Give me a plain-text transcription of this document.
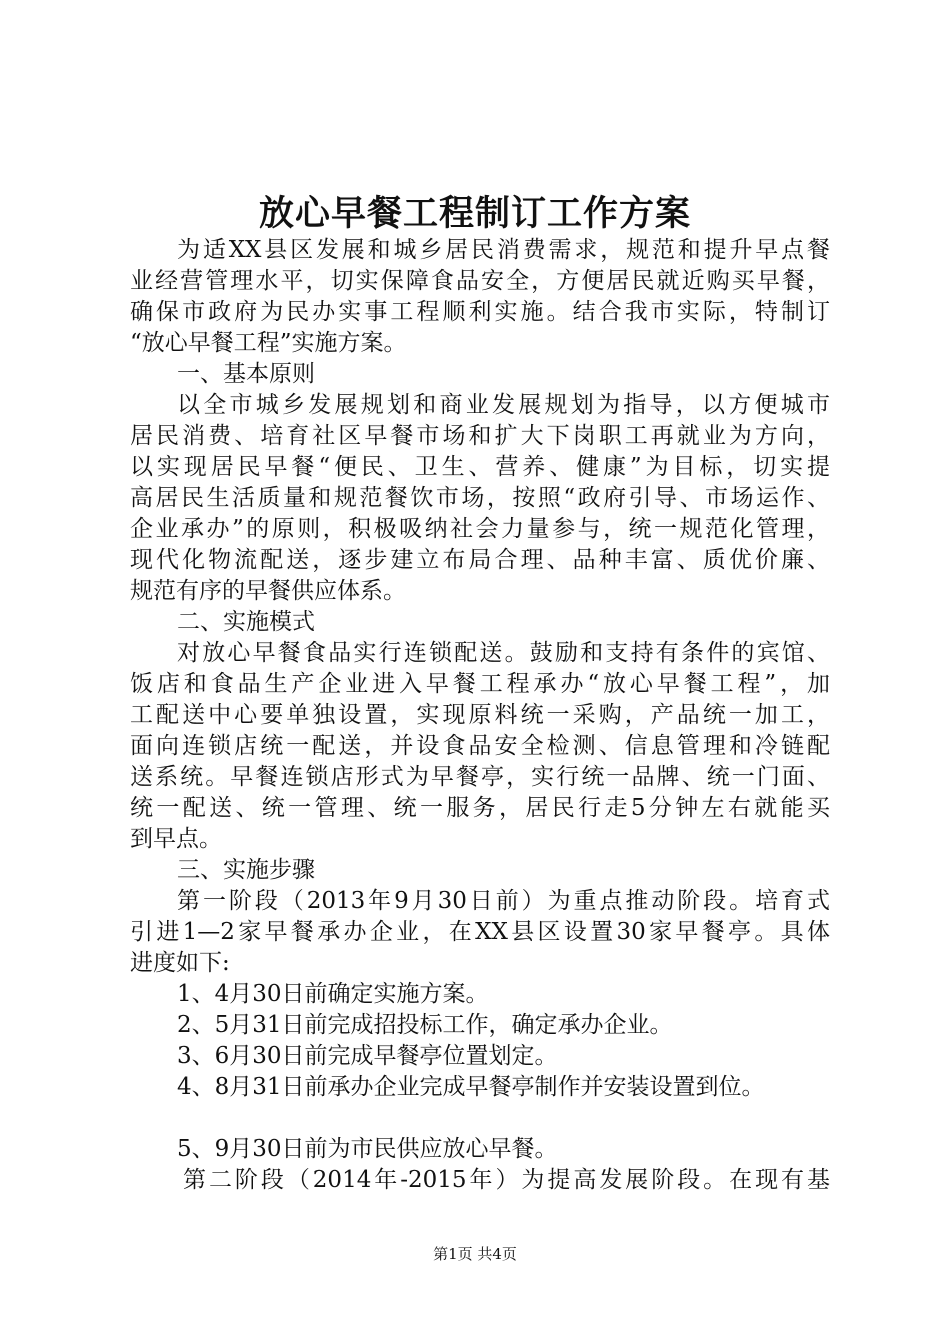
放心早餐工程制订工作方案
为适XX县区发展和城乡居民消费需求，规范和提升早点餐
业经营管理水平，切实保障食品安全，方便居民就近购买早餐，
确保市政府为民办实事工程顺利实施。结合我市实际，特制订
“放心早餐工程”实施方案。
一、基本原则
以全市城乡发展规划和商业发展规划为指导，以方便城市
居民消费、培育社区早餐市场和扩大下岗职工再就业为方向，
以实现居民早餐“便民、卫生、营养、健康”为目标，切实提
高居民生活质量和规范餐饮市场，按照“政府引导、市场运作、
企业承办”的原则，积极吸纳社会力量参与，统一规范化管理，
现代化物流配送，逐步建立布局合理、品种丰富、质优价廉、
规范有序的早餐供应体系。
二、实施模式
对放心早餐食品实行连锁配送。鼓励和支持有条件的宾馆、
饭店和食品生产企业进入早餐工程承办“放心早餐工程”，加
工配送中心要单独设置，实现原料统一采购，产品统一加工，
面向连锁店统一配送，并设食品安全检测、信息管理和冷链配
送系统。早餐连锁店形式为早餐亭，实行统一品牌、统一门面、
统一配送、统一管理、统一服务，居民行走5分钟左右就能买
到早点。
三、实施步骤
第一阶段（2013年9月30日前）为重点推动阶段。培育式
引进1—2家早餐承办企业，在XX县区设置30家早餐亭。具体
进度如下:
1、4月30日前确定实施方案。
2、5月31日前完成招投标工作，确定承办企业。
3、6月30日前完成早餐亭位置划定。
4、8月31日前承办企业完成早餐亭制作并安装设置到位。
5、9月30日前为市民供应放心早餐。
第二阶段（2014年-2015年）为提高发展阶段。在现有基
第1页 共4页
